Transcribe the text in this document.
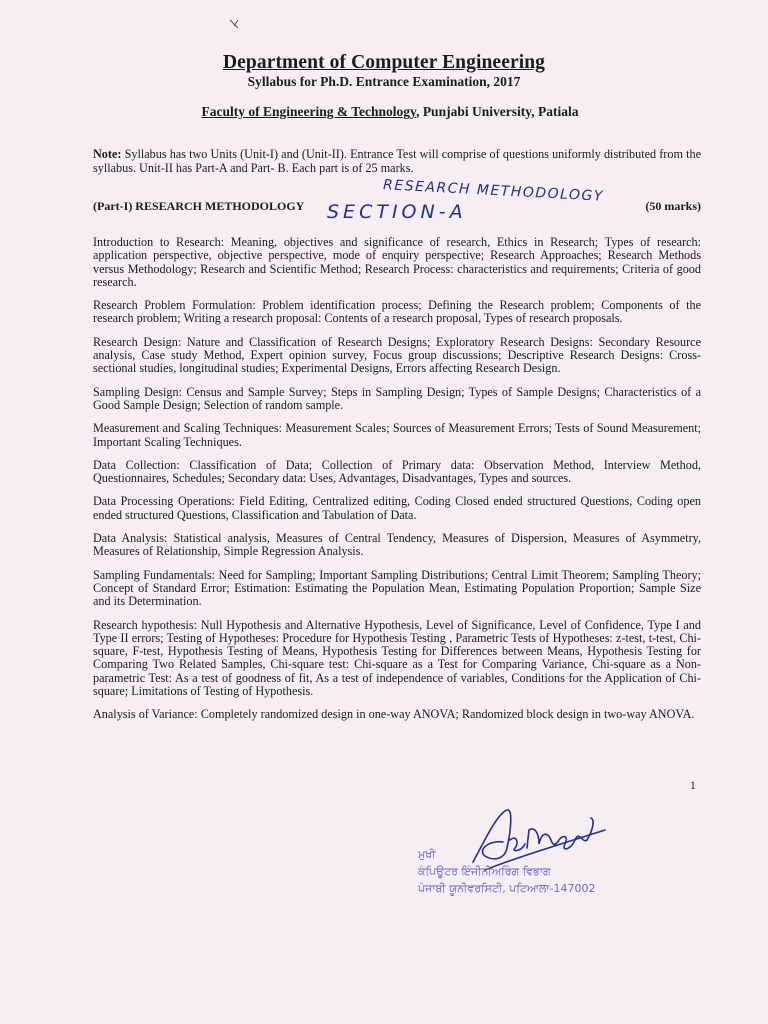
Department of Computer Engineering
Syllabus for Ph.D. Entrance Examination, 2017
Faculty of Engineering & Technology, Punjabi University, Patiala
Note: Syllabus has two Units (Unit-I) and (Unit-II). Entrance Test will comprise of questions uniformly distributed from the syllabus. Unit-II has Part-A and Part- B. Each part is of 25 marks.
RESEARCH METHODOLOGY
SECTION-A
(Part-I) RESEARCH METHODOLOGY	(50 marks)

Introduction to Research: Meaning, objectives and significance of research, Ethics in Research; Types of research: application perspective, objective perspective, mode of enquiry perspective; Research Approaches; Research Methods versus Methodology; Research and Scientific Method; Research Process: characteristics and requirements; Criteria of good research.

Research Problem Formulation: Problem identification process; Defining the Research problem; Components of the research problem; Writing a research proposal: Contents of a research proposal, Types of research proposals.

Research Design: Nature and Classification of Research Designs; Exploratory Research Designs: Secondary Resource analysis, Case study Method, Expert opinion survey, Focus group discussions; Descriptive Research Designs: Cross-sectional studies, longitudinal studies; Experimental Designs, Errors affecting Research Design.

Sampling Design: Census and Sample Survey; Steps in Sampling Design; Types of Sample Designs; Characteristics of a Good Sample Design; Selection of random sample.

Measurement and Scaling Techniques: Measurement Scales; Sources of Measurement Errors; Tests of Sound Measurement; Important Scaling Techniques.

Data Collection: Classification of Data; Collection of Primary data: Observation Method, Interview Method, Questionnaires, Schedules; Secondary data: Uses, Advantages, Disadvantages, Types and sources.

Data Processing Operations: Field Editing, Centralized editing, Coding Closed ended structured Questions, Coding open ended structured Questions, Classification and Tabulation of Data.

Data Analysis: Statistical analysis, Measures of Central Tendency, Measures of Dispersion, Measures of Asymmetry, Measures of Relationship, Simple Regression Analysis.

Sampling Fundamentals: Need for Sampling; Important Sampling Distributions; Central Limit Theorem; Sampling Theory; Concept of Standard Error; Estimation: Estimating the Population Mean, Estimating Population Proportion; Sample Size and its Determination.

Research hypothesis: Null Hypothesis and Alternative Hypothesis, Level of Significance, Level of Confidence, Type I and Type II errors; Testing of Hypotheses: Procedure for Hypothesis Testing , Parametric Tests of Hypotheses: z-test, t-test, Chi-square, F-test, Hypothesis Testing of Means, Hypothesis Testing for Differences between Means, Hypothesis Testing for Comparing Two Related Samples, Chi-square test: Chi-square as a Test for Comparing Variance, Chi-square as a Non-parametric Test: As a test of goodness of fit, As a test of independence of variables, Conditions for the Application of Chi-square; Limitations of Testing of Hypothesis.

Analysis of Variance: Completely randomized design in one-way ANOVA; Randomized block design in two-way ANOVA.

1
ਮੁਖੀ
ਕੰਪਿਊਟਰ ਇੰਜੀਨੀਅਰਿੰਗ ਵਿਭਾਗ
ਪੰਜਾਬੀ ਯੂਨੀਵਰਸਿਟੀ, ਪਟਿਆਲਾ-147002
